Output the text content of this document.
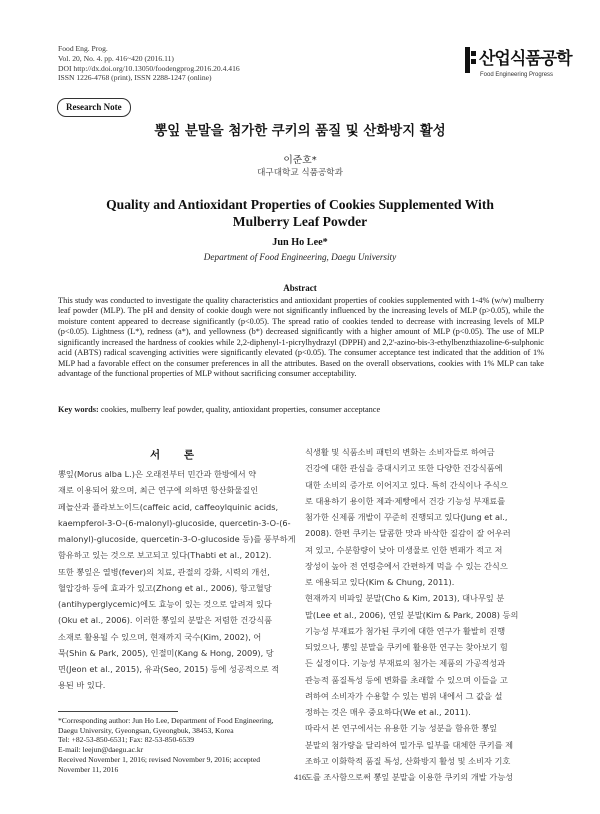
Food Eng. Prog.
Vol. 20, No. 4. pp. 416~420 (2016.11)
DOI http://dx.doi.org/10.13050/foodengprog.2016.20.4.416
ISSN 1226-4768 (print), ISSN 2288-1247 (online)
산업식품공학
Food Engineering Progress
Research Note
뽕잎 분말을 첨가한 쿠키의 품질 및 산화방지 활성
이준호*
대구대학교 식품공학과
Quality and Antioxidant Properties of Cookies Supplemented With
Mulberry Leaf Powder
Jun Ho Lee*
Department of Food Engineering, Daegu University
Abstract

This study was conducted to investigate the quality characteristics and antioxidant properties of cookies supplemented with 1-4% (w/w) mulberry leaf powder (MLP). The pH and density of cookie dough were not significantly influenced by the increasing levels of MLP (p>0.05), while the moisture content appeared to decrease significantly (p<0.05). The spread ratio of cookies tended to decrease with increasing levels of MLP (p<0.05). Lightness (L*), redness (a*), and yellowness (b*) decreased significantly with a higher amount of MLP (p<0.05). The use of MLP significantly increased the hardness of cookies while 2,2-diphenyl-1-picrylhydrazyl (DPPH) and 2,2'-azino-bis-3-ethylbenzthiazoline-6-sulphonic acid (ABTS) radical scavenging activities were significantly elevated (p<0.05). The consumer acceptance test indicated that the addition of 1% MLP had a favorable effect on the consumer preferences in all the attributes. Based on the overall observations, cookies with 1% MLP can take advantage of the functional properties of MLP without sacrificing consumer acceptability.

Key words: cookies, mulberry leaf powder, quality, antioxidant properties, consumer acceptance
서 론
뽕잎(Morus alba L.)은 오래전부터 민간과 한방에서 약
재로 이용되어 왔으며, 최근 연구에 의하면 항산화물질인
페놀산과 플라보노이드(caffeic acid, caffeoylquinic acids,
kaempferol-3-O-(6-malonyl)-glucoside, quercetin-3-O-(6-
malonyl)-glucoside, quercetin-3-O-glucoside 등)를 풍부하게
함유하고 있는 것으로 보고되고 있다(Thabti et al., 2012).
또한 뽕잎은 열병(fever)의 치료, 관절의 강화, 시력의 개선,
혈압강하 등에 효과가 있고(Zhong et al., 2006), 항고혈당
(antihyperglycemic)에도 효능이 있는 것으로 알려져 있다
(Oku et al., 2006). 이러한 뽕잎의 분말은 저렴한 건강식품
소재로 활용될 수 있으며, 현재까지 국수(Kim, 2002), 어
묵(Shin & Park, 2005), 인절미(Kang & Hong, 2009), 당
면(Jeon et al., 2015), 유과(Seo, 2015) 등에 성공적으로 적
용된 바 있다.
식생활 및 식품소비 패턴의 변화는 소비자들로 하여금
건강에 대한 관심을 증대시키고 또한 다양한 건강식품에
대한 소비의 증가로 이어지고 있다. 특히 간식이나 주식으
로 대용하기 용이한 제과·제빵에서 건강 기능성 부재료를
첨가한 신제품 개발이 꾸준히 진행되고 있다(Jung et al.,
2008). 한편 쿠키는 달콤한 맛과 바삭한 질감이 잘 어우러
져 있고, 수분함량이 낮아 미생물로 인한 변패가 적고 저
장성이 높아 전 연령층에서 간편하게 먹을 수 있는 간식으
로 애용되고 있다(Kim & Chung, 2011).
현재까지 비파잎 분말(Cho & Kim, 2013), 대나무잎 분
말(Lee et al., 2006), 연잎 분말(Kim & Park, 2008) 등의
기능성 부재료가 첨가된 쿠키에 대한 연구가 활발히 진행
되었으나, 뽕잎 분말을 쿠키에 활용한 연구는 찾아보기 힘
든 실정이다. 기능성 부재료의 첨가는 제품의 가공적성과
관능적 품질특성 등에 변화를 초래할 수 있으며 이들을 고
려하여 소비자가 수용할 수 있는 범위 내에서 그 값을 설
정하는 것은 매우 중요하다(We et al., 2011).
따라서 본 연구에서는 유용한 기능 성분을 함유한 뽕잎
분말의 첨가량을 달리하여 밀가루 일부를 대체한 쿠키를 제
조하고 이화학적 품질 특성, 산화방지 활성 및 소비자 기호
도를 조사함으로써 뽕잎 분말을 이용한 쿠키의 개발 가능성
*Corresponding author: Jun Ho Lee, Department of Food Engineering,
Daegu University, Gyeongsan, Gyeongbuk, 38453, Korea
Tel: +82-53-850-6531; Fax: 82-53-850-6539
E-mail: leejun@daegu.ac.kr
Received November 1, 2016; revised November 9, 2016; accepted
November 11, 2016
416
